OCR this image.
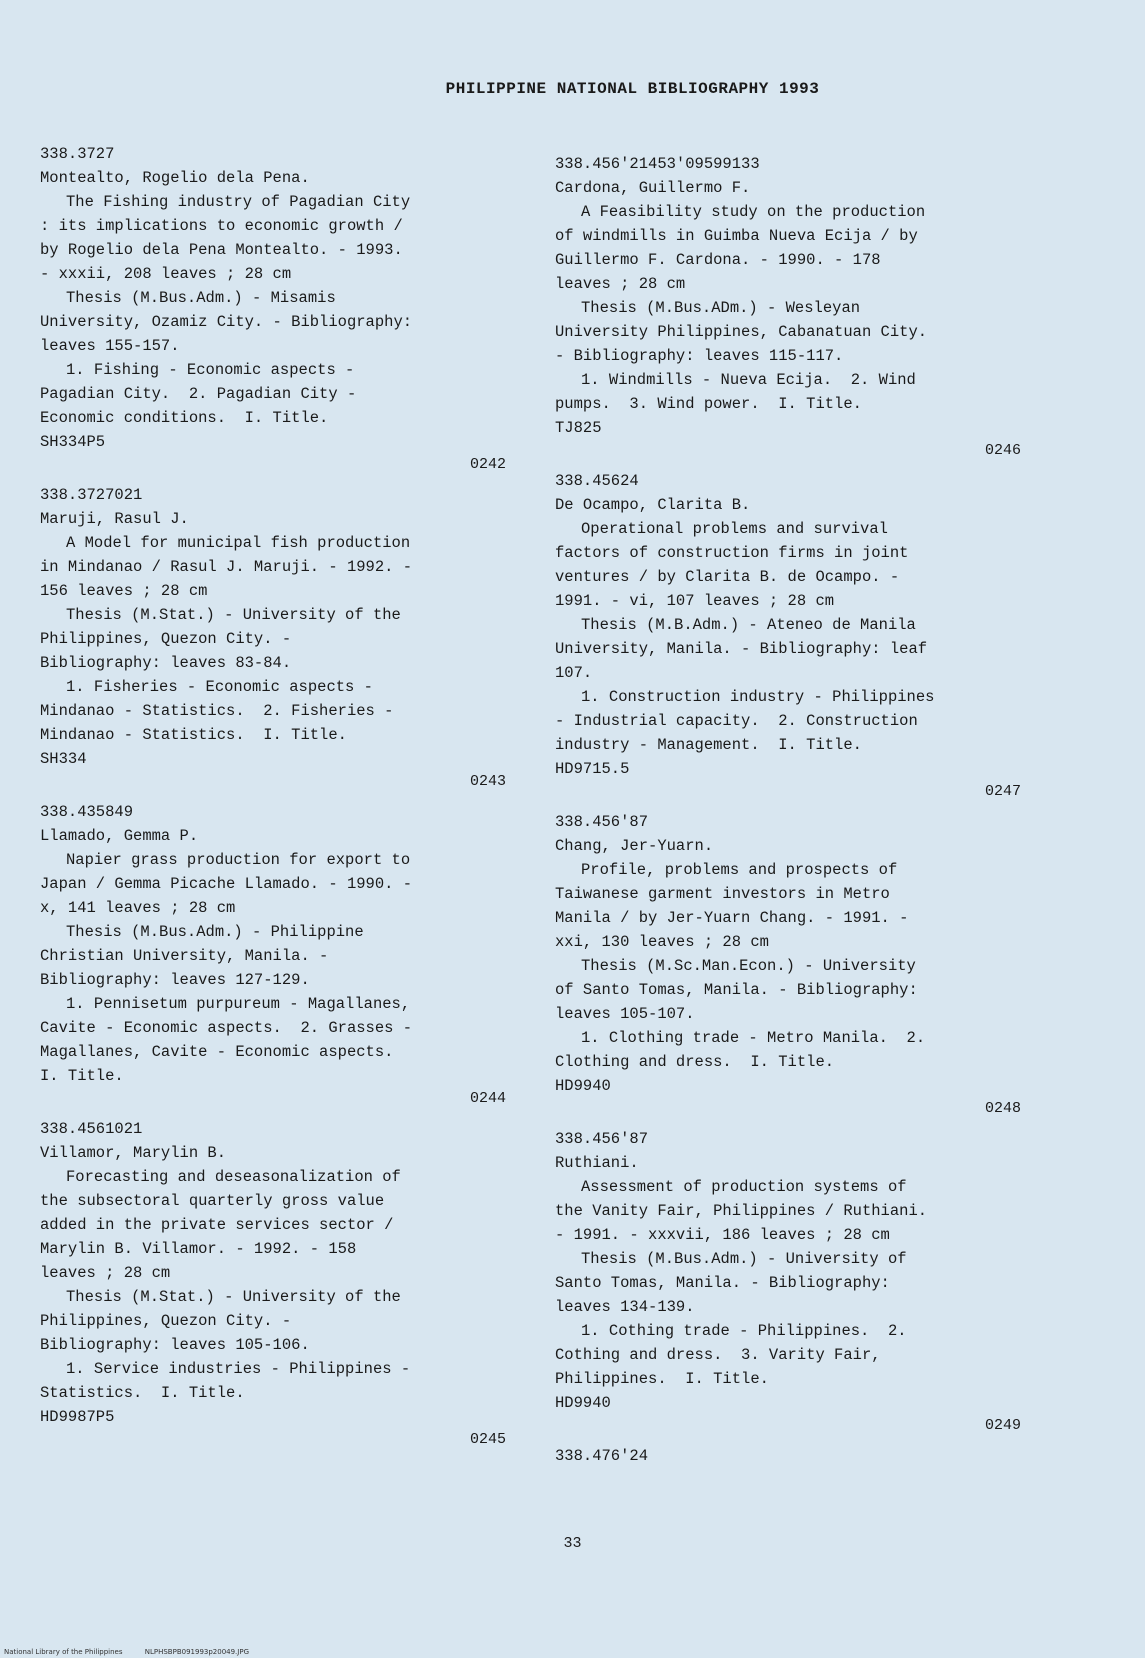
PHILIPPINE NATIONAL BIBLIOGRAPHY 1993
338.3727
Montealto, Rogelio dela Pena.
The Fishing industry of Pagadian City
: its implications to economic growth /
by Rogelio dela Pena Montealto. - 1993.
- xxxii, 208 leaves ; 28 cm
Thesis (M.Bus.Adm.) - Misamis
University, Ozamiz City. - Bibliography:
leaves 155-157.
1. Fishing - Economic aspects -
Pagadian City.  2. Pagadian City -
Economic conditions.  I. Title.
SH334P5
0242
338.3727021
Maruji, Rasul J.
A Model for municipal fish production
in Mindanao / Rasul J. Maruji. - 1992. -
156 leaves ; 28 cm
Thesis (M.Stat.) - University of the
Philippines, Quezon City. -
Bibliography: leaves 83-84.
1. Fisheries - Economic aspects -
Mindanao - Statistics.  2. Fisheries -
Mindanao - Statistics.  I. Title.
SH334
0243
338.435849
Llamado, Gemma P.
Napier grass production for export to
Japan / Gemma Picache Llamado. - 1990. -
x, 141 leaves ; 28 cm
Thesis (M.Bus.Adm.) - Philippine
Christian University, Manila. -
Bibliography: leaves 127-129.
1. Pennisetum purpureum - Magallanes,
Cavite - Economic aspects.  2. Grasses -
Magallanes, Cavite - Economic aspects.
I. Title.
0244
338.4561021
Villamor, Marylin B.
Forecasting and deseasonalization of
the subsectoral quarterly gross value
added in the private services sector /
Marylin B. Villamor. - 1992. - 158
leaves ; 28 cm
Thesis (M.Stat.) - University of the
Philippines, Quezon City. -
Bibliography: leaves 105-106.
1. Service industries - Philippines -
Statistics.  I. Title.
HD9987P5
0245
338.456'21453'09599133
Cardona, Guillermo F.
A Feasibility study on the production
of windmills in Guimba Nueva Ecija / by
Guillermo F. Cardona. - 1990. - 178
leaves ; 28 cm
Thesis (M.Bus.ADm.) - Wesleyan
University Philippines, Cabanatuan City.
- Bibliography: leaves 115-117.
1. Windmills - Nueva Ecija.  2. Wind
pumps.  3. Wind power.  I. Title.
TJ825
0246
338.45624
De Ocampo, Clarita B.
Operational problems and survival
factors of construction firms in joint
ventures / by Clarita B. de Ocampo. -
1991. - vi, 107 leaves ; 28 cm
Thesis (M.B.Adm.) - Ateneo de Manila
University, Manila. - Bibliography: leaf
107.
1. Construction industry - Philippines
- Industrial capacity.  2. Construction
industry - Management.  I. Title.
HD9715.5
0247
338.456'87
Chang, Jer-Yuarn.
Profile, problems and prospects of
Taiwanese garment investors in Metro
Manila / by Jer-Yuarn Chang. - 1991. -
xxi, 130 leaves ; 28 cm
Thesis (M.Sc.Man.Econ.) - University
of Santo Tomas, Manila. - Bibliography:
leaves 105-107.
1. Clothing trade - Metro Manila.  2.
Clothing and dress.  I. Title.
HD9940
0248
338.456'87
Ruthiani.
Assessment of production systems of
the Vanity Fair, Philippines / Ruthiani.
- 1991. - xxxvii, 186 leaves ; 28 cm
Thesis (M.Bus.Adm.) - University of
Santo Tomas, Manila. - Bibliography:
leaves 134-139.
1. Cothing trade - Philippines.  2.
Cothing and dress.  3. Varity Fair,
Philippines.  I. Title.
HD9940
0249
338.476'24
33
National Library of the Philippines	NLPHSBPB091993p20049.JPG
